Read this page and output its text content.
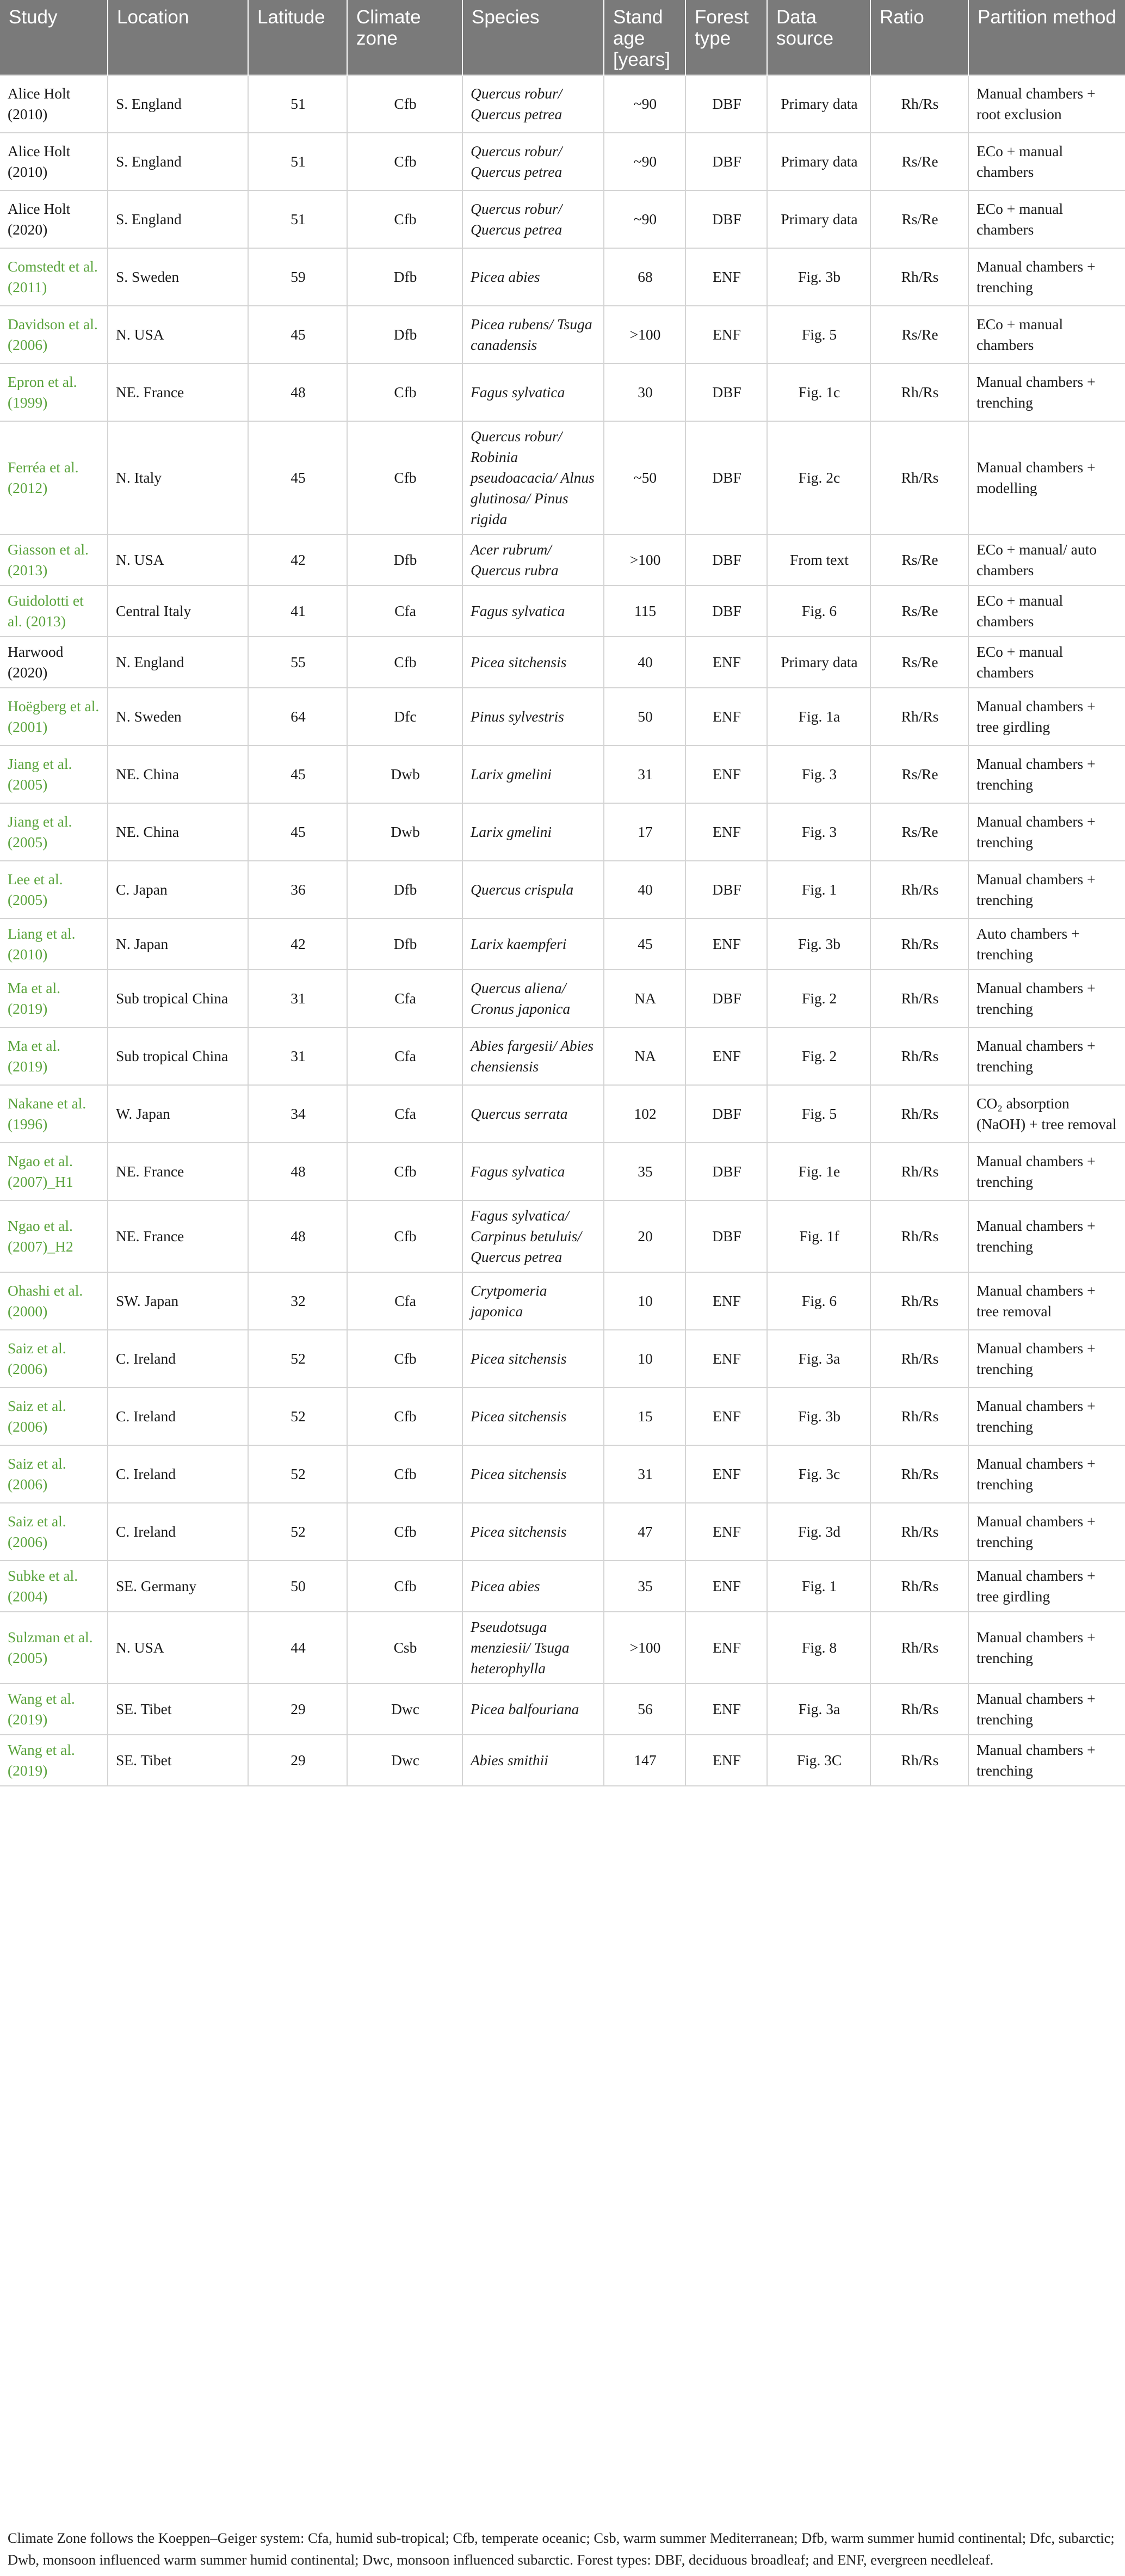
Study	Location	Latitude	Climate zone	Species	Stand age [years]	Forest type	Data source	Ratio	Partition method
Alice Holt (2010)	S. England	51	Cfb	Quercus robur/ Quercus petrea	~90	DBF	Primary data	Rh/Rs	Manual chambers + root exclusion
Alice Holt (2010)	S. England	51	Cfb	Quercus robur/ Quercus petrea	~90	DBF	Primary data	Rs/Re	ECo + manual chambers
Alice Holt (2020)	S. England	51	Cfb	Quercus robur/ Quercus petrea	~90	DBF	Primary data	Rs/Re	ECo + manual chambers
Comstedt et al. (2011)	S. Sweden	59	Dfb	Picea abies	68	ENF	Fig. 3b	Rh/Rs	Manual chambers + trenching
Davidson et al. (2006)	N. USA	45	Dfb	Picea rubens/ Tsuga canadensis	>100	ENF	Fig. 5	Rs/Re	ECo + manual chambers
Epron et al. (1999)	NE. France	48	Cfb	Fagus sylvatica	30	DBF	Fig. 1c	Rh/Rs	Manual chambers + trenching
Ferréa et al. (2012)	N. Italy	45	Cfb	Quercus robur/ Robinia pseudoacacia/ Alnus glutinosa/ Pinus rigida	~50	DBF	Fig. 2c	Rh/Rs	Manual chambers + modelling
Giasson et al. (2013)	N. USA	42	Dfb	Acer rubrum/ Quercus rubra	>100	DBF	From text	Rs/Re	ECo + manual/ auto chambers
Guidolotti et al. (2013)	Central Italy	41	Cfa	Fagus sylvatica	115	DBF	Fig. 6	Rs/Re	ECo + manual chambers
Harwood (2020)	N. England	55	Cfb	Picea sitchensis	40	ENF	Primary data	Rs/Re	ECo + manual chambers
Hoëgberg et al. (2001)	N. Sweden	64	Dfc	Pinus sylvestris	50	ENF	Fig. 1a	Rh/Rs	Manual chambers + tree girdling
Jiang et al. (2005)	NE. China	45	Dwb	Larix gmelini	31	ENF	Fig. 3	Rs/Re	Manual chambers + trenching
Jiang et al. (2005)	NE. China	45	Dwb	Larix gmelini	17	ENF	Fig. 3	Rs/Re	Manual chambers + trenching
Lee et al. (2005)	C. Japan	36	Dfb	Quercus crispula	40	DBF	Fig. 1	Rh/Rs	Manual chambers + trenching
Liang et al. (2010)	N. Japan	42	Dfb	Larix kaempferi	45	ENF	Fig. 3b	Rh/Rs	Auto chambers + trenching
Ma et al. (2019)	Sub tropical China	31	Cfa	Quercus aliena/ Cronus japonica	NA	DBF	Fig. 2	Rh/Rs	Manual chambers + trenching
Ma et al. (2019)	Sub tropical China	31	Cfa	Abies fargesii/ Abies chensiensis	NA	ENF	Fig. 2	Rh/Rs	Manual chambers + trenching
Nakane et al. (1996)	W. Japan	34	Cfa	Quercus serrata	102	DBF	Fig. 5	Rh/Rs	CO₂ absorption (NaOH) + tree removal
Ngao et al. (2007)_H1	NE. France	48	Cfb	Fagus sylvatica	35	DBF	Fig. 1e	Rh/Rs	Manual chambers + trenching
Ngao et al. (2007)_H2	NE. France	48	Cfb	Fagus sylvatica/ Carpinus betuluis/ Quercus petrea	20	DBF	Fig. 1f	Rh/Rs	Manual chambers + trenching
Ohashi et al. (2000)	SW. Japan	32	Cfa	Crytpomeria japonica	10	ENF	Fig. 6	Rh/Rs	Manual chambers + tree removal
Saiz et al. (2006)	C. Ireland	52	Cfb	Picea sitchensis	10	ENF	Fig. 3a	Rh/Rs	Manual chambers + trenching
Saiz et al. (2006)	C. Ireland	52	Cfb	Picea sitchensis	15	ENF	Fig. 3b	Rh/Rs	Manual chambers + trenching
Saiz et al. (2006)	C. Ireland	52	Cfb	Picea sitchensis	31	ENF	Fig. 3c	Rh/Rs	Manual chambers + trenching
Saiz et al. (2006)	C. Ireland	52	Cfb	Picea sitchensis	47	ENF	Fig. 3d	Rh/Rs	Manual chambers + trenching
Subke et al. (2004)	SE. Germany	50	Cfb	Picea abies	35	ENF	Fig. 1	Rh/Rs	Manual chambers + tree girdling
Sulzman et al. (2005)	N. USA	44	Csb	Pseudotsuga menziesii/ Tsuga heterophylla	>100	ENF	Fig. 8	Rh/Rs	Manual chambers + trenching
Wang et al. (2019)	SE. Tibet	29	Dwc	Picea balfouriana	56	ENF	Fig. 3a	Rh/Rs	Manual chambers + trenching
Wang et al. (2019)	SE. Tibet	29	Dwc	Abies smithii	147	ENF	Fig. 3C	Rh/Rs	Manual chambers + trenching
Climate Zone follows the Koeppen–Geiger system: Cfa, humid sub-tropical; Cfb, temperate oceanic; Csb, warm summer Mediterranean; Dfb, warm summer humid continental; Dfc, subarctic; Dwb, monsoon influenced warm summer humid continental; Dwc, monsoon influenced subarctic. Forest types: DBF, deciduous broadleaf; and ENF, evergreen needleleaf.
